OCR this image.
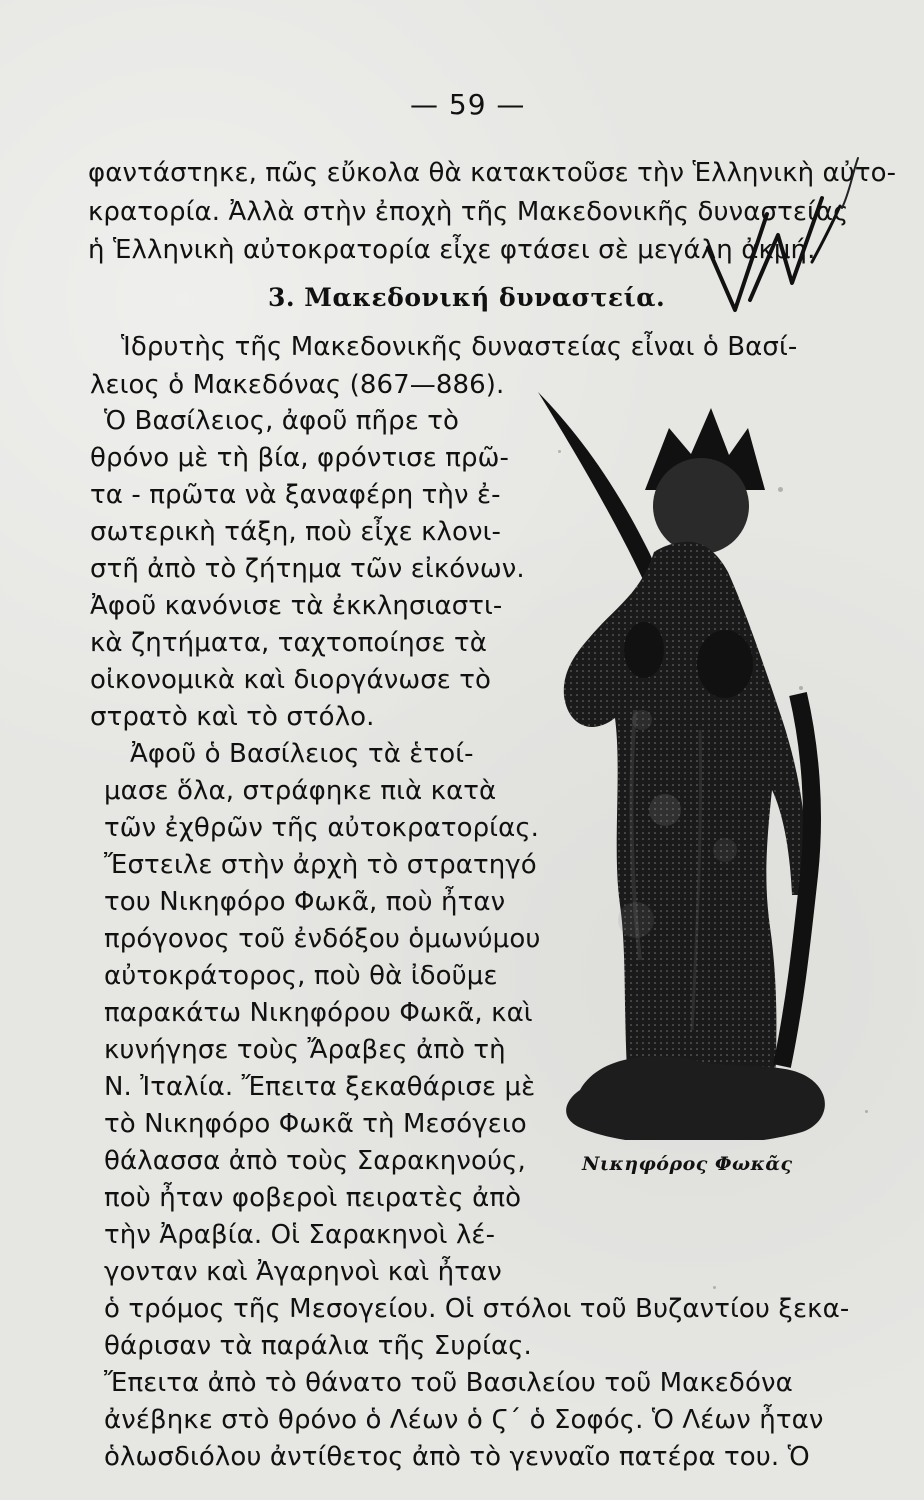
— 59 —
φαντάστηκε, πῶς εὔκολα θὰ κατακτοῦσε τὴν Ἑλληνικὴ αὐτο-
κρατορία. Ἀλλὰ στὴν ἐποχὴ τῆς Μακεδονικῆς δυναστείας
ἡ Ἑλληνικὴ αὐτοκρατορία εἶχε φτάσει σὲ μεγάλη ἀκμή.
3. Μακεδονική δυναστεία.
Ἱδρυτὴς τῆς Μακεδονικῆς δυναστείας εἶναι ὁ Βασί-
λειος ὁ Μακεδόνας (867—886).
Ὁ Βασίλειος, ἀφοῦ πῆρε τὸ
θρόνο μὲ τὴ βία, φρόντισε πρῶ-
τα - πρῶτα νὰ ξαναφέρη τὴν ἐ-
σωτερικὴ τάξη, ποὺ εἶχε κλονι-
στῆ ἀπὸ τὸ ζήτημα τῶν εἰκόνων.
Ἀφοῦ κανόνισε τὰ ἐκκλησιαστι-
κὰ ζητήματα, ταχτοποίησε τὰ
οἰκονομικὰ καὶ διοργάνωσε τὸ
στρατὸ καὶ τὸ στόλο.
Ἀφοῦ ὁ Βασίλειος τὰ ἑτοί-
μασε ὅλα, στράφηκε πιὰ κατὰ
τῶν ἐχθρῶν τῆς αὐτοκρατορίας.
Ἔστειλε στὴν ἀρχὴ τὸ στρατηγό
του Νικηφόρο Φωκᾶ, ποὺ ἦταν
πρόγονος τοῦ ἐνδόξου ὁμωνύμου
αὐτοκράτορος, ποὺ θὰ ἰδοῦμε
παρακάτω Νικηφόρου Φωκᾶ, καὶ
κυνήγησε τοὺς Ἄραβες ἀπὸ τὴ
Ν. Ἰταλία. Ἔπειτα ξεκαθάρισε μὲ
τὸ Νικηφόρο Φωκᾶ τὴ Μεσόγειο
θάλασσα ἀπὸ τοὺς Σαρακηνούς,
ποὺ ἦταν φοβεροὶ πειρατὲς ἀπὸ
τὴν Ἀραβία. Οἱ Σαρακηνοὶ λέ-
γονταν καὶ Ἀγαρηνοὶ καὶ ἦταν
ὁ τρόμος τῆς Μεσογείου. Οἱ στόλοι τοῦ Βυζαντίου ξεκα-
θάρισαν τὰ παράλια τῆς Συρίας.
Ἔπειτα ἀπὸ τὸ θάνατο τοῦ Βασιλείου τοῦ Μακεδόνα
ἀνέβηκε στὸ θρόνο ὁ Λέων ὁ Ϛ΄ ὁ Σοφός. Ὁ Λέων ἦταν
ὁλωσδιόλου ἀντίθετος ἀπὸ τὸ γενναῖο πατέρα του. Ὁ
Νικηφόρος Φωκᾶς
